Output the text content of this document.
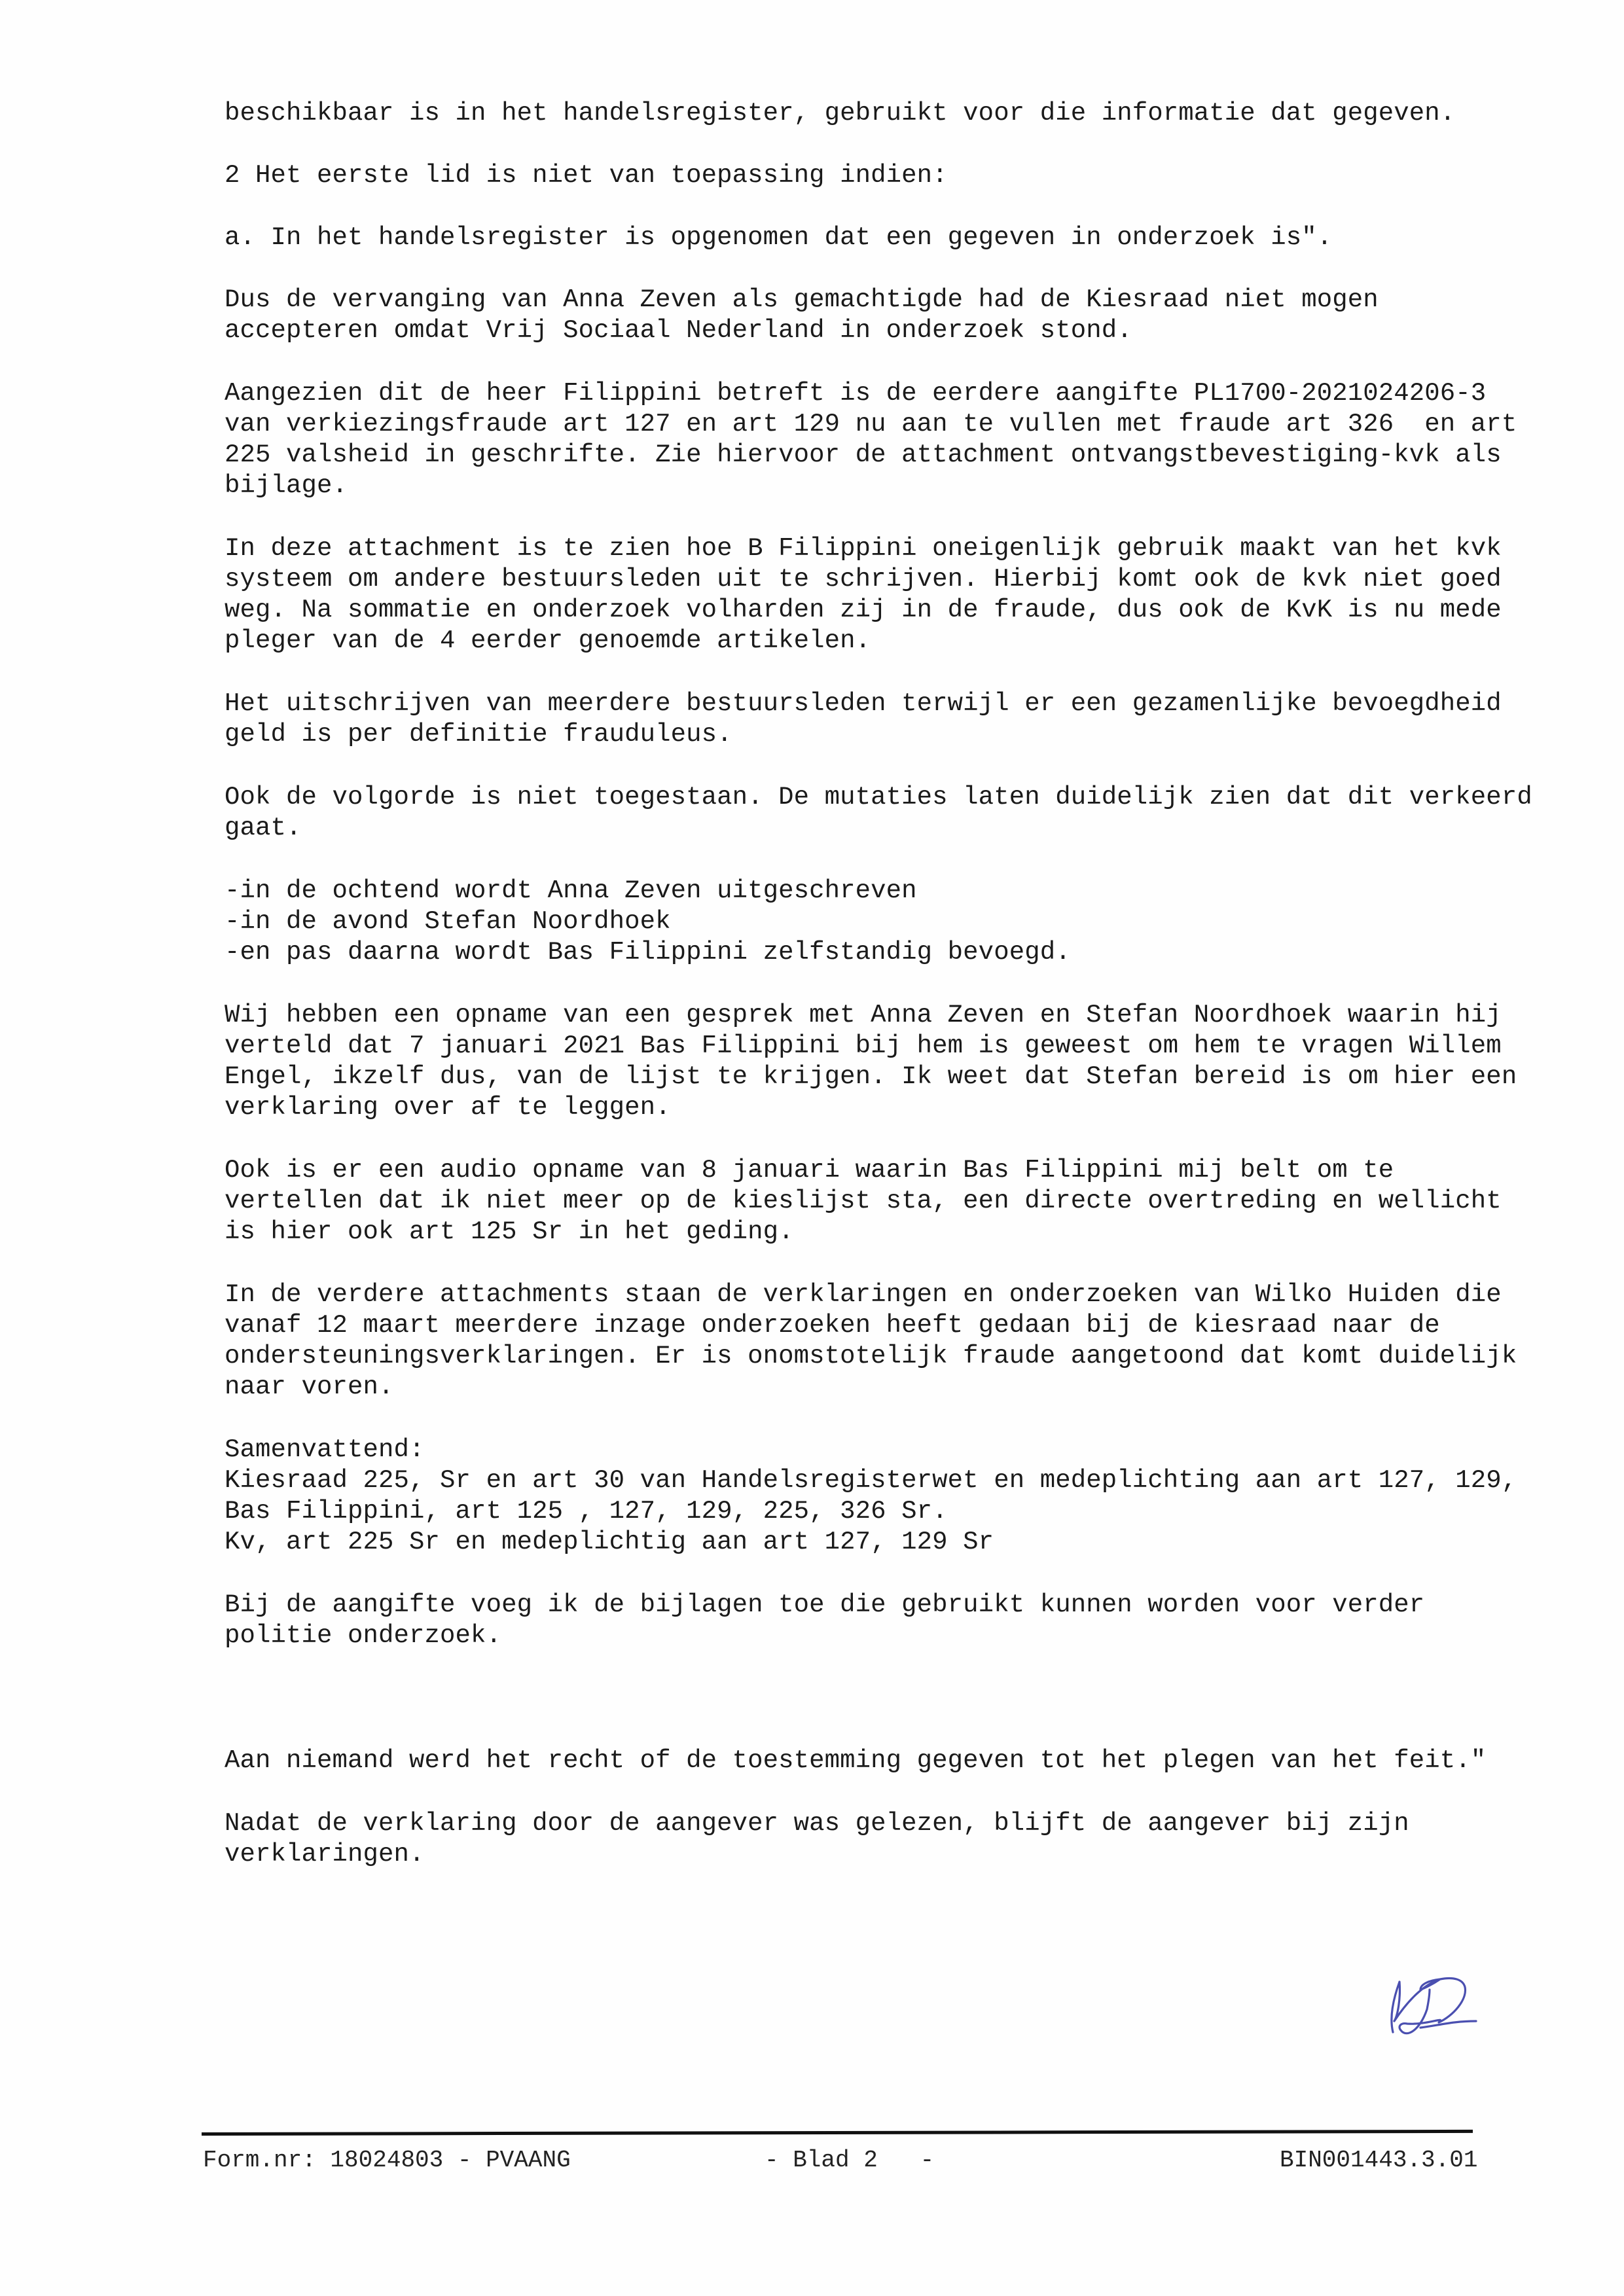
beschikbaar is in het handelsregister, gebruikt voor die informatie dat gegeven.
2 Het eerste lid is niet van toepassing indien:
a. In het handelsregister is opgenomen dat een gegeven in onderzoek is".
Dus de vervanging van Anna Zeven als gemachtigde had de Kiesraad niet mogen
accepteren omdat Vrij Sociaal Nederland in onderzoek stond.
Aangezien dit de heer Filippini betreft is de eerdere aangifte PL1700-2021024206-3
van verkiezingsfraude art 127 en art 129 nu aan te vullen met fraude art 326  en art
225 valsheid in geschrifte. Zie hiervoor de attachment ontvangstbevestiging-kvk als
bijlage.
In deze attachment is te zien hoe B Filippini oneigenlijk gebruik maakt van het kvk
systeem om andere bestuursleden uit te schrijven. Hierbij komt ook de kvk niet goed
weg. Na sommatie en onderzoek volharden zij in de fraude, dus ook de KvK is nu mede
pleger van de 4 eerder genoemde artikelen.
Het uitschrijven van meerdere bestuursleden terwijl er een gezamenlijke bevoegdheid
geld is per definitie frauduleus.
Ook de volgorde is niet toegestaan. De mutaties laten duidelijk zien dat dit verkeerd
gaat.
-in de ochtend wordt Anna Zeven uitgeschreven
-in de avond Stefan Noordhoek
-en pas daarna wordt Bas Filippini zelfstandig bevoegd.
Wij hebben een opname van een gesprek met Anna Zeven en Stefan Noordhoek waarin hij
verteld dat 7 januari 2021 Bas Filippini bij hem is geweest om hem te vragen Willem
Engel, ikzelf dus, van de lijst te krijgen. Ik weet dat Stefan bereid is om hier een
verklaring over af te leggen.
Ook is er een audio opname van 8 januari waarin Bas Filippini mij belt om te
vertellen dat ik niet meer op de kieslijst sta, een directe overtreding en wellicht
is hier ook art 125 Sr in het geding.
In de verdere attachments staan de verklaringen en onderzoeken van Wilko Huiden die
vanaf 12 maart meerdere inzage onderzoeken heeft gedaan bij de kiesraad naar de
ondersteuningsverklaringen. Er is onomstotelijk fraude aangetoond dat komt duidelijk
naar voren.
Samenvattend:
Kiesraad 225, Sr en art 30 van Handelsregisterwet en medeplichting aan art 127, 129,
Bas Filippini, art 125 , 127, 129, 225, 326 Sr.
Kv, art 225 Sr en medeplichtig aan art 127, 129 Sr
Bij de aangifte voeg ik de bijlagen toe die gebruikt kunnen worden voor verder
politie onderzoek.
Aan niemand werd het recht of de toestemming gegeven tot het plegen van het feit."
Nadat de verklaring door de aangever was gelezen, blijft de aangever bij zijn
verklaringen.
Form.nr: 18024803 - PVAANG	- Blad 2   -	BIN001443.3.01
